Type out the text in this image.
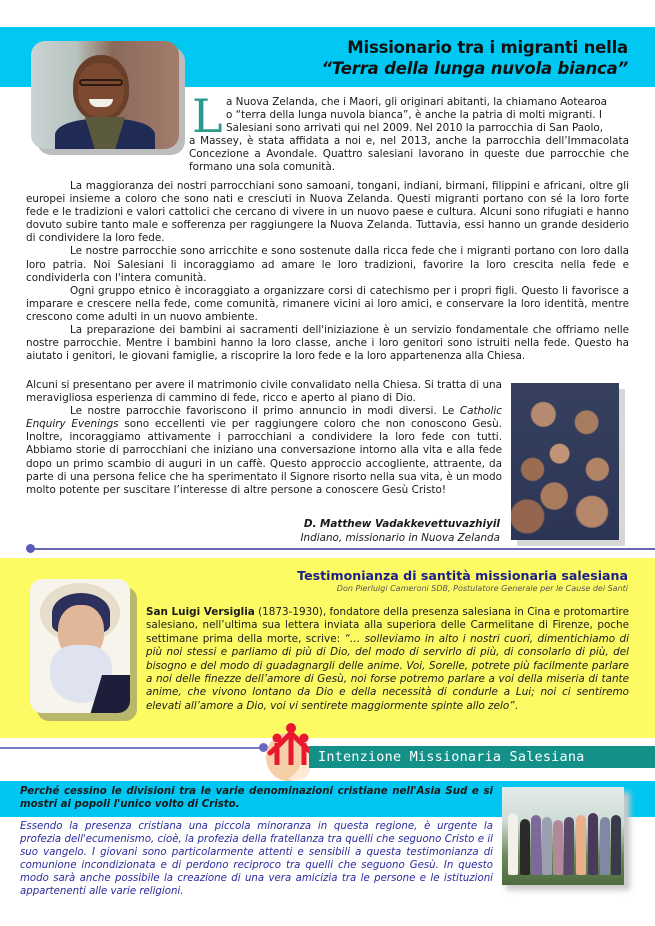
Missionario tra i migranti nella
“Terra della lunga nuvola bianca”
L a Nuova Zelanda, che i Maori, gli originari abitanti, la chiamano Aotearoa
o “terra della lunga nuvola bianca”, è anche la patria di molti migranti. I
Salesiani sono arrivati qui nel 2009. Nel 2010 la parrocchia di San Paolo,
a Massey, è stata affidata a noi e, nel 2013, anche la parrocchia dell’Immacolata Concezione a Avondale. Quattro salesiani lavorano in queste due parrocchie che formano una sola comunità.

La maggioranza dei nostri parrocchiani sono samoani, tongani, indiani, birmani, filippini e africani, oltre gli europei insieme a coloro che sono nati e cresciuti in Nuova Zelanda. Questi migranti portano con sé la loro forte fede e le tradizioni e valori cattolici che cercano di vivere in un nuovo paese e cultura. Alcuni sono rifugiati e hanno dovuto subire tanto male e sofferenza per raggiungere la Nuova Zelanda. Tuttavia, essi hanno un grande desiderio di condividere la loro fede.

Le nostre parrocchie sono arricchite e sono sostenute dalla ricca fede che i migranti portano con loro dalla loro patria. Noi Salesiani li incoraggiamo ad amare le loro tradizioni, favorire la loro crescita nella fede e condividerla con l'intera comunità.

Ogni gruppo etnico è incoraggiato a organizzare corsi di catechismo per i propri figli. Questo li favorisce a imparare e crescere nella fede, come comunità, rimanere vicini ai loro amici, e conservare la loro identità, mentre crescono come adulti in un nuovo ambiente.

La preparazione dei bambini ai sacramenti dell'iniziazione è un servizio fondamentale che offriamo nelle nostre parrocchie. Mentre i bambini hanno la loro classe, anche i loro genitori sono istruiti nella fede. Questo ha aiutato i genitori, le giovani famiglie, a riscoprire la loro fede e la loro appartenenza alla Chiesa.

Alcuni si presentano per avere il matrimonio civile convalidato nella Chiesa. Si tratta di una meravigliosa esperienza di cammino di fede, ricco e aperto al piano di Dio.

Le nostre parrocchie favoriscono il primo annuncio in modi diversi. Le Catholic Enquiry Evenings sono eccellenti vie per raggiungere coloro che non conoscono Gesù. Inoltre, incoraggiamo attivamente i parrocchiani a condividere la loro fede con tutti. Abbiamo storie di parrocchiani che iniziano una conversazione intorno alla vita e alla fede dopo un primo scambio di auguri in un caffè. Questo approccio accogliente, attraente, da parte di una persona felice che ha sperimentato il Signore risorto nella sua vita, è un modo molto potente per suscitare l’interesse di altre persone a conoscere Gesù Cristo!

D. Matthew Vadakkevettuvazhiyil
Indiano, missionario in Nuova Zelanda
Testimonianza di santità missionaria salesiana
Don Pierluigi Cameroni SDB, Postulatore Generale per le Cause dei Santi
San Luigi Versiglia (1873-1930), fondatore della presenza salesiana in Cina e protomartire salesiano, nell’ultima sua lettera inviata alla superiora delle Carmelitane di Firenze, poche settimane prima della morte, scrive: “… solleviamo in alto i nostri cuori, dimentichiamo di più noi stessi e parliamo di più di Dio, del modo di servirlo di più, di consolarlo di più, del bisogno e del modo di guadagnargli delle anime. Voi, Sorelle, potrete più facilmente parlare a noi delle finezze dell’amore di Gesù, noi forse potremo parlare a voi della miseria di tante anime, che vivono lontano da Dio e della necessità di condurle a Lui; noi ci sentiremo elevati all’amore a Dio, voi vi sentirete maggiormente spinte allo zelo”.
Intenzione Missionaria Salesiana
Perché cessino le divisioni tra le varie denominazioni cristiane nell'Asia Sud e si mostri ai popoli l'unico volto di Cristo.
Essendo la presenza cristiana una piccola minoranza in questa regione, è urgente la profezia dell'ecumenismo, cioè, la profezia della fratellanza tra quelli che seguono Cristo e il suo vangelo. I giovani sono particolarmente attenti e sensibili a questa testimonianza di comunione incondizionata e di perdono reciproco tra quelli che seguono Gesù. In questo modo sarà anche possibile la creazione di una vera amicizia tra le persone e le istituzioni appartenenti alle varie religioni.
